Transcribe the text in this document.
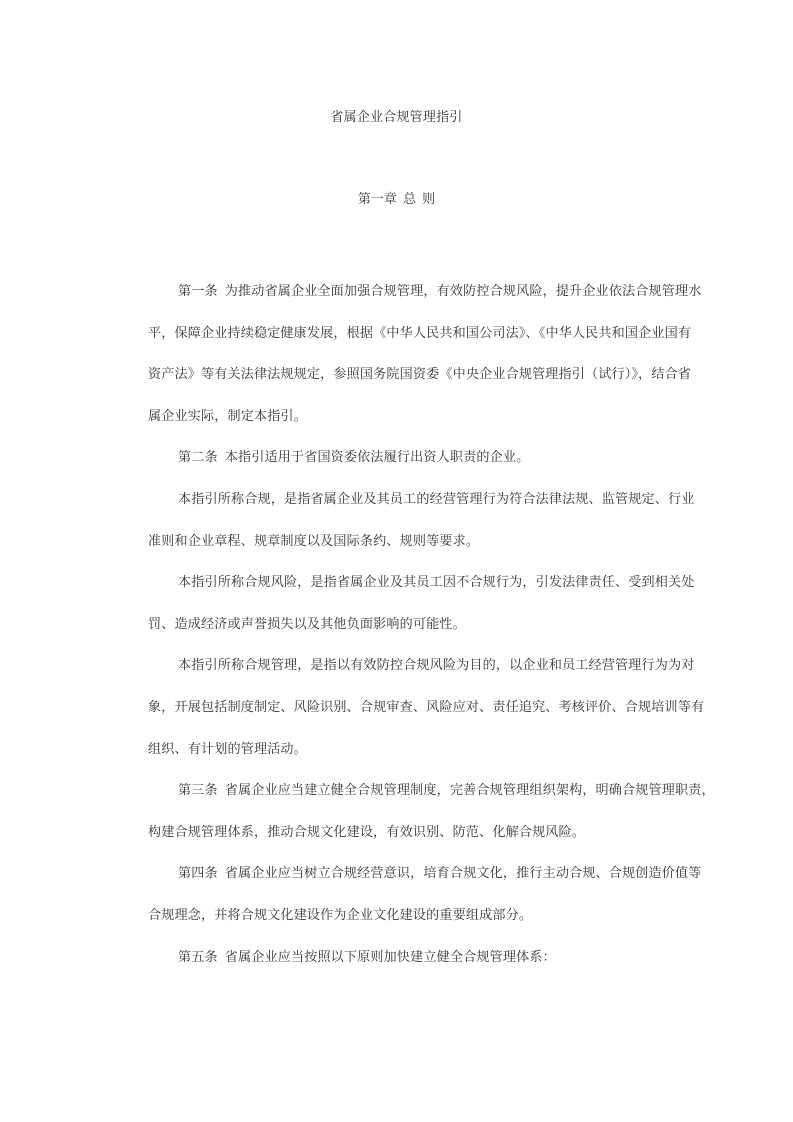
省属企业合规管理指引
第一章 总 则
第一条 为推动省属企业全面加强合规管理，有效防控合规风险，提升企业依法合规管理水
平，保障企业持续稳定健康发展，根据《中华人民共和国公司法》、《中华人民共和国企业国有
资产法》等有关法律法规规定，参照国务院国资委《中央企业合规管理指引（试行）》，结合省
属企业实际，制定本指引。
第二条 本指引适用于省国资委依法履行出资人职责的企业。
本指引所称合规，是指省属企业及其员工的经营管理行为符合法律法规、监管规定、行业
准则和企业章程、规章制度以及国际条约、规则等要求。
本指引所称合规风险，是指省属企业及其员工因不合规行为，引发法律责任、受到相关处
罚、造成经济或声誉损失以及其他负面影响的可能性。
本指引所称合规管理，是指以有效防控合规风险为目的，以企业和员工经营管理行为为对
象，开展包括制度制定、风险识别、合规审查、风险应对、责任追究、考核评价、合规培训等有
组织、有计划的管理活动。
第三条 省属企业应当建立健全合规管理制度，完善合规管理组织架构，明确合规管理职责，
构建合规管理体系，推动合规文化建设，有效识别、防范、化解合规风险。
第四条 省属企业应当树立合规经营意识，培育合规文化，推行主动合规、合规创造价值等
合规理念，并将合规文化建设作为企业文化建设的重要组成部分。
第五条 省属企业应当按照以下原则加快建立健全合规管理体系：
